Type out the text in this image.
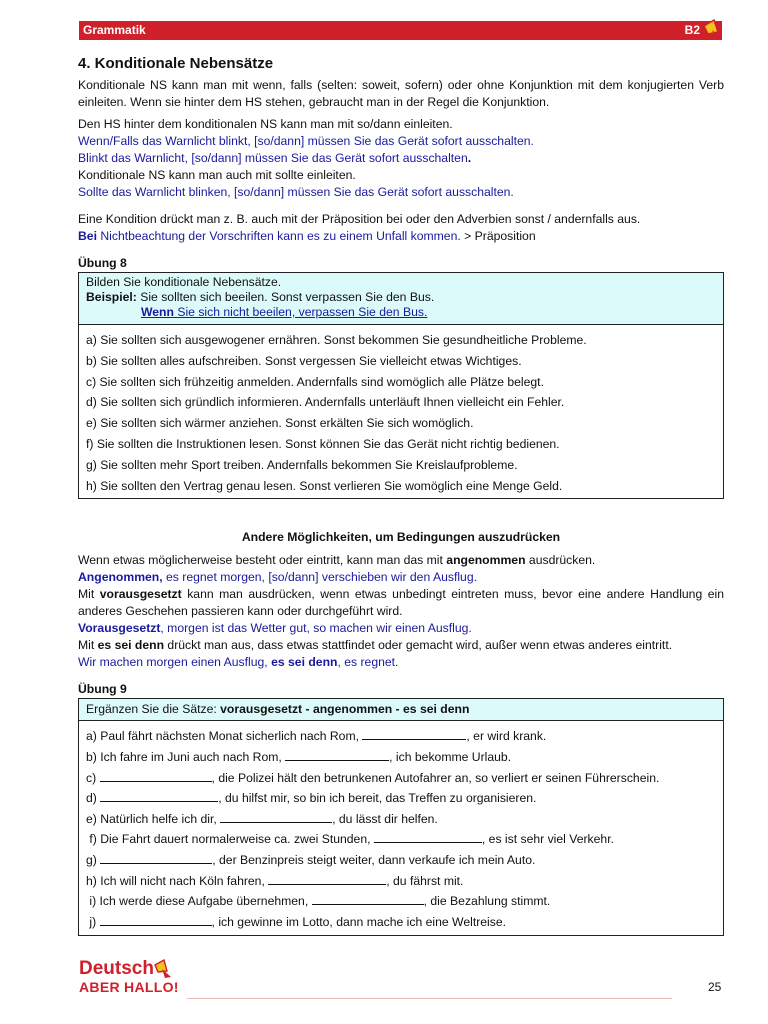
Grammatik	B2
4. Konditionale Nebensätze

Konditionale NS kann man mit wenn, falls (selten: soweit, sofern) oder ohne Konjunktion mit dem konjugierten Verb einleiten. Wenn sie hinter dem HS stehen, gebraucht man in der Regel die Konjunktion.

Den HS hinter dem konditionalen NS kann man mit so/dann einleiten.

Wenn/Falls das Warnlicht blinkt, [so/dann] müssen Sie das Gerät sofort ausschalten.

Blinkt das Warnlicht, [so/dann] müssen Sie das Gerät sofort ausschalten.

Konditionale NS kann man auch mit sollte einleiten.

Sollte das Warnlicht blinken, [so/dann] müssen Sie das Gerät sofort ausschalten.

Eine Kondition drückt man z. B. auch mit der Präposition bei oder den Adverbien sonst / andernfalls aus.

Bei Nichtbeachtung der Vorschriften kann es zu einem Unfall kommen. > Präposition

Übung 8
Bilden Sie konditionale Nebensätze.
Beispiel: Sie sollten sich beeilen. Sonst verpassen Sie den Bus.
Wenn Sie sich nicht beeilen, verpassen Sie den Bus.
a) Sie sollten sich ausgewogener ernähren. Sonst bekommen Sie gesundheitliche Probleme.
b) Sie sollten alles aufschreiben. Sonst vergessen Sie vielleicht etwas Wichtiges.
c) Sie sollten sich frühzeitig anmelden. Andernfalls sind womöglich alle Plätze belegt.
d) Sie sollten sich gründlich informieren. Andernfalls unterläuft Ihnen vielleicht ein Fehler.
e) Sie sollten sich wärmer anziehen. Sonst erkälten Sie sich womöglich.
f) Sie sollten die Instruktionen lesen. Sonst können Sie das Gerät nicht richtig bedienen.
g) Sie sollten mehr Sport treiben. Andernfalls bekommen Sie Kreislaufprobleme.
h) Sie sollten den Vertrag genau lesen. Sonst verlieren Sie womöglich eine Menge Geld.
Andere Möglichkeiten, um Bedingungen auszudrücken

Wenn etwas möglicherweise besteht oder eintritt, kann man das mit angenommen ausdrücken.

Angenommen, es regnet morgen, [so/dann] verschieben wir den Ausflug.

Mit vorausgesetzt kann man ausdrücken, wenn etwas unbedingt eintreten muss, bevor eine andere Handlung ein anderes Geschehen passieren kann oder durchgeführt wird.

Vorausgesetzt, morgen ist das Wetter gut, so machen wir einen Ausflug.

Mit es sei denn drückt man aus, dass etwas stattfindet oder gemacht wird, außer wenn etwas anderes eintritt.

Wir machen morgen einen Ausflug, es sei denn, es regnet.

Übung 9
Ergänzen Sie die Sätze: vorausgesetzt - angenommen - es sei denn
a) Paul fährt nächsten Monat sicherlich nach Rom,	, er wird krank.
b) Ich fahre im Juni auch nach Rom,	, ich bekomme Urlaub.
c)	, die Polizei hält den betrunkenen Autofahrer an, so verliert er seinen Führerschein.
d)	, du hilfst mir, so bin ich bereit, das Treffen zu organisieren.
e) Natürlich helfe ich dir,	, du lässt dir helfen.
f) Die Fahrt dauert normalerweise ca. zwei Stunden,	, es ist sehr viel Verkehr.
g)	, der Benzinpreis steigt weiter, dann verkaufe ich mein Auto.
h) Ich will nicht nach Köln fahren,	, du fährst mit.
i) Ich werde diese Aufgabe übernehmen,	, die Bezahlung stimmt.
j)	, ich gewinne im Lotto, dann mache ich eine Weltreise.
Deutsch
ABER HALLO!	25
